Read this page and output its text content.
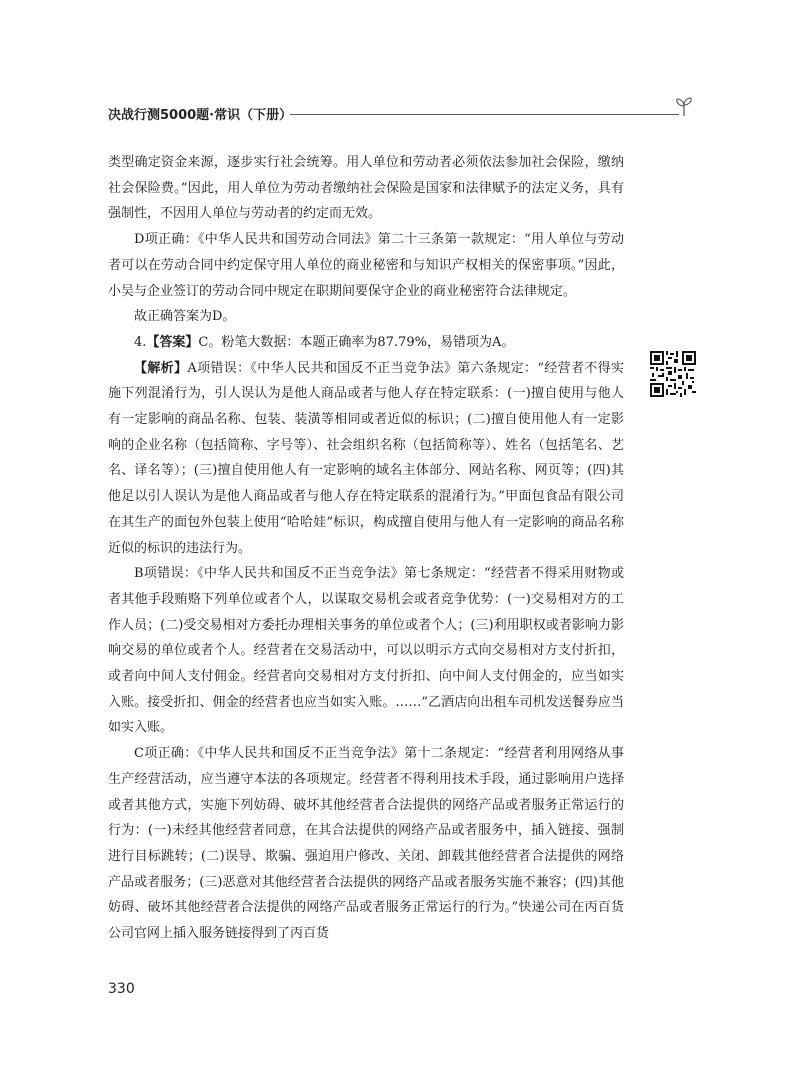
决战行测5000题·常识（下册）

类型确定资金来源，逐步实行社会统筹。用人单位和劳动者必须依法参加社会保险，缴纳社会保险费。”因此，用人单位为劳动者缴纳社会保险是国家和法律赋予的法定义务，具有强制性，不因用人单位与劳动者的约定而无效。

D项正确：《中华人民共和国劳动合同法》第二十三条第一款规定：“用人单位与劳动者可以在劳动合同中约定保守用人单位的商业秘密和与知识产权相关的保密事项。”因此，小吴与企业签订的劳动合同中规定在职期间要保守企业的商业秘密符合法律规定。

故正确答案为D。

4.【答案】C。粉笔大数据：本题正确率为87.79%，易错项为A。

【解析】A项错误：《中华人民共和国反不正当竞争法》第六条规定：“经营者不得实施下列混淆行为，引人误认为是他人商品或者与他人存在特定联系：(一)擅自使用与他人有一定影响的商品名称、包装、装潢等相同或者近似的标识；(二)擅自使用他人有一定影响的企业名称（包括简称、字号等）、社会组织名称（包括简称等）、姓名（包括笔名、艺名、译名等）；(三)擅自使用他人有一定影响的域名主体部分、网站名称、网页等；(四)其他足以引人误认为是他人商品或者与他人存在特定联系的混淆行为。”甲面包食品有限公司在其生产的面包外包装上使用“哈哈娃”标识，构成擅自使用与他人有一定影响的商品名称近似的标识的违法行为。

B项错误：《中华人民共和国反不正当竞争法》第七条规定：“经营者不得采用财物或者其他手段贿赂下列单位或者个人，以谋取交易机会或者竞争优势：(一)交易相对方的工作人员；(二)受交易相对方委托办理相关事务的单位或者个人；(三)利用职权或者影响力影响交易的单位或者个人。经营者在交易活动中，可以以明示方式向交易相对方支付折扣，或者向中间人支付佣金。经营者向交易相对方支付折扣、向中间人支付佣金的，应当如实入账。接受折扣、佣金的经营者也应当如实入账。……”乙酒店向出租车司机发送餐券应当如实入账。

C项正确：《中华人民共和国反不正当竞争法》第十二条规定：“经营者利用网络从事生产经营活动，应当遵守本法的各项规定。经营者不得利用技术手段，通过影响用户选择或者其他方式，实施下列妨碍、破坏其他经营者合法提供的网络产品或者服务正常运行的行为：(一)未经其他经营者同意，在其合法提供的网络产品或者服务中，插入链接、强制进行目标跳转；(二)误导、欺骗、强迫用户修改、关闭、卸载其他经营者合法提供的网络产品或者服务；(三)恶意对其他经营者合法提供的网络产品或者服务实施不兼容；(四)其他妨碍、破坏其他经营者合法提供的网络产品或者服务正常运行的行为。”快递公司在丙百货公司官网上插入服务链接得到了丙百货

330
